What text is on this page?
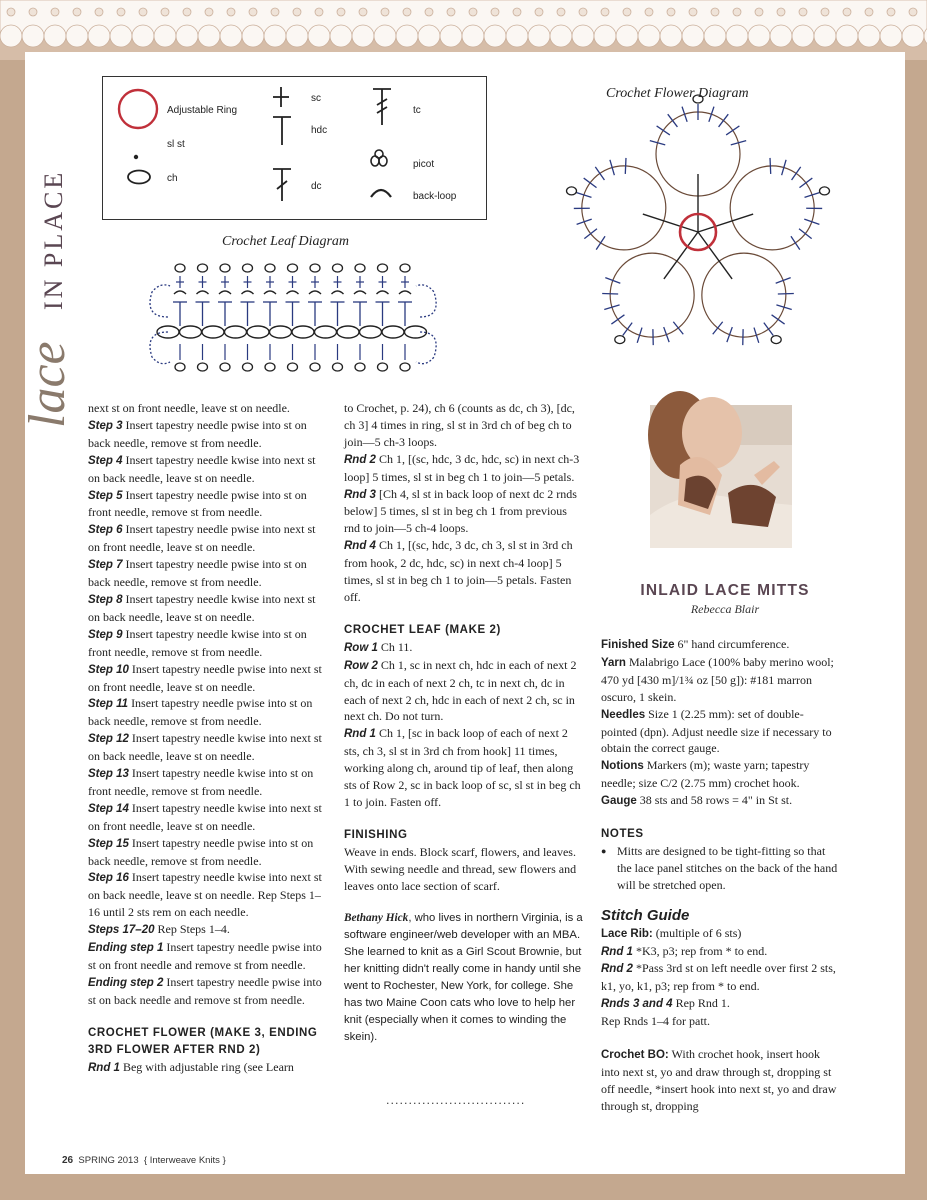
lace
IN PLACE
Adjustable Ring
sl st
ch
sc
hdc
dc
tc
picot
back-loop
Crochet Leaf Diagram
Crochet Flower Diagram

next st on front needle, leave st on needle.

Step 3 Insert tapestry needle pwise into st on back needle, remove st from needle.

Step 4 Insert tapestry needle kwise into next st on back needle, leave st on needle.

Step 5 Insert tapestry needle pwise into st on front needle, remove st from needle.

Step 6 Insert tapestry needle pwise into next st on front needle, leave st on needle.

Step 7 Insert tapestry needle pwise into st on back needle, remove st from needle.

Step 8 Insert tapestry needle kwise into next st on back needle, leave st on needle.

Step 9 Insert tapestry needle kwise into st on front needle, remove st from needle.

Step 10 Insert tapestry needle pwise into next st on front needle, leave st on needle.

Step 11 Insert tapestry needle pwise into st on back needle, remove st from needle.

Step 12 Insert tapestry needle kwise into next st on back needle, leave st on needle.

Step 13 Insert tapestry needle kwise into st on front needle, remove st from needle.

Step 14 Insert tapestry needle kwise into next st on front needle, leave st on needle.

Step 15 Insert tapestry needle pwise into st on back needle, remove st from needle.

Step 16 Insert tapestry needle kwise into next st on back needle, leave st on needle. Rep Steps 1–16 until 2 sts rem on each needle.

Steps 17–20 Rep Steps 1–4.

Ending step 1 Insert tapestry needle pwise into st on front needle and remove st from needle.

Ending step 2 Insert tapestry needle pwise into st on back needle and remove st from needle.

CROCHET FLOWER (MAKE 3, ENDING 3RD FLOWER AFTER RND 2)

Rnd 1 Beg with adjustable ring (see Learn

to Crochet, p. 24), ch 6 (counts as dc, ch 3), [dc, ch 3] 4 times in ring, sl st in 3rd ch of beg ch to join—5 ch-3 loops.

Rnd 2 Ch 1, [(sc, hdc, 3 dc, hdc, sc) in next ch-3 loop] 5 times, sl st in beg ch 1 to join—5 petals.

Rnd 3 [Ch 4, sl st in back loop of next dc 2 rnds below] 5 times, sl st in beg ch 1 from previous rnd to join—5 ch-4 loops.

Rnd 4 Ch 1, [(sc, hdc, 3 dc, ch 3, sl st in 3rd ch from hook, 2 dc, hdc, sc) in next ch-4 loop] 5 times, sl st in beg ch 1 to join—5 petals. Fasten off.

CROCHET LEAF (MAKE 2)

Row 1 Ch 11.

Row 2 Ch 1, sc in next ch, hdc in each of next 2 ch, dc in each of next 2 ch, tc in next ch, dc in each of next 2 ch, hdc in each of next 2 ch, sc in next ch. Do not turn.

Rnd 1 Ch 1, [sc in back loop of each of next 2 sts, ch 3, sl st in 3rd ch from hook] 11 times, working along ch, around tip of leaf, then along sts of Row 2, sc in back loop of sc, sl st in beg ch 1 to join. Fasten off.

FINISHING

Weave in ends. Block scarf, flowers, and leaves. With sewing needle and thread, sew flowers and leaves onto lace section of scarf.

Bethany Hick, who lives in northern Virginia, is a software engineer/web developer with an MBA. She learned to knit as a Girl Scout Brownie, but her knitting didn't really come in handy until she went to Rochester, New York, for college. She has two Maine Coon cats who love to help her knit (especially when it comes to winding the skein).

...............................
INLAID LACE MITTS
Rebecca Blair

Finished Size 6" hand circumference.

Yarn Malabrigo Lace (100% baby merino wool; 470 yd [430 m]/1¾ oz [50 g]): #181 marron oscuro, 1 skein.

Needles Size 1 (2.25 mm): set of double-pointed (dpn). Adjust needle size if necessary to obtain the correct gauge.

Notions Markers (m); waste yarn; tapestry needle; size C/2 (2.75 mm) crochet hook.

Gauge 38 sts and 58 rows = 4" in St st.

NOTES

● Mitts are designed to be tight-fitting so that the lace panel stitches on the back of the hand will be stretched open.

Stitch Guide

Lace Rib: (multiple of 6 sts)

Rnd 1 *K3, p3; rep from * to end.

Rnd 2 *Pass 3rd st on left needle over first 2 sts, k1, yo, k1, p3; rep from * to end.

Rnds 3 and 4 Rep Rnd 1.

Rep Rnds 1–4 for patt.

Crochet BO: With crochet hook, insert hook into next st, yo and draw through st, dropping st off needle, *insert hook into next st, yo and draw through st, dropping

26 SPRING 2013 { Interweave Knits }
